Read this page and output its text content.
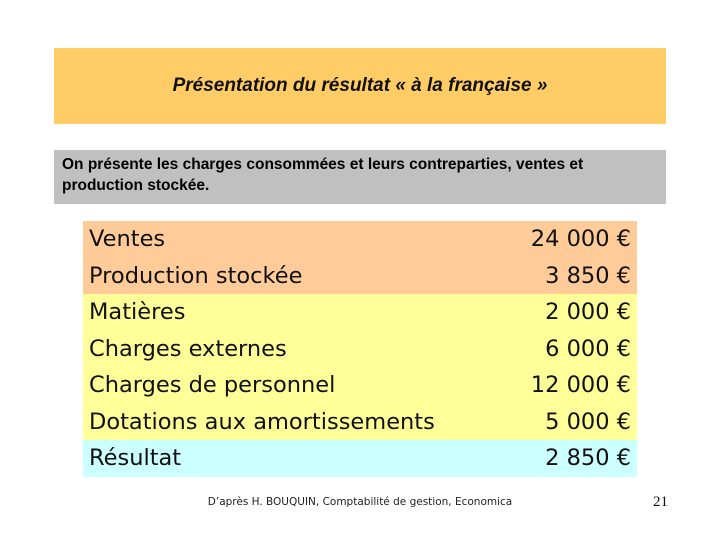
Présentation du résultat « à la française »
On présente les charges consommées et leurs contreparties, ventes et production stockée.
Ventes	24 000 €
Production stockée	3 850 €
Matières	2 000 €
Charges externes	6 000 €
Charges de personnel	12 000 €
Dotations aux amortissements	5 000 €
Résultat	2 850 €
D’après H. BOUQUIN, Comptabilité de gestion, Economica	21
